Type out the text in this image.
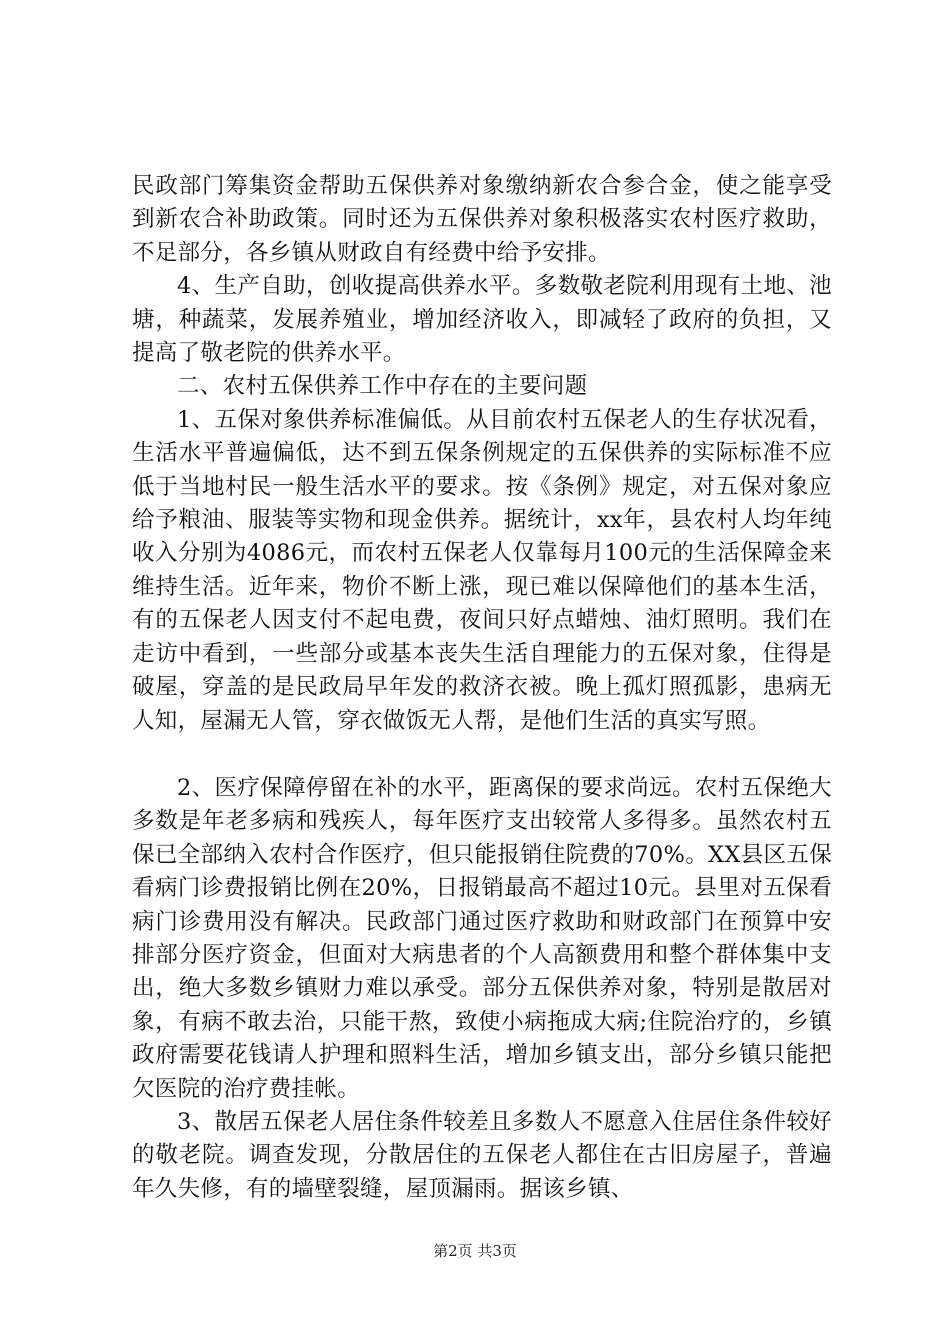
民政部门筹集资金帮助五保供养对象缴纳新农合参合金，使之能享受到新农合补助政策。同时还为五保供养对象积极落实农村医疗救助，不足部分，各乡镇从财政自有经费中给予安排。

4、生产自助，创收提高供养水平。多数敬老院利用现有土地、池塘，种蔬菜，发展养殖业，增加经济收入，即减轻了政府的负担，又提高了敬老院的供养水平。

二、农村五保供养工作中存在的主要问题

1、五保对象供养标准偏低。从目前农村五保老人的生存状况看，生活水平普遍偏低，达不到五保条例规定的五保供养的实际标准不应低于当地村民一般生活水平的要求。按《条例》规定，对五保对象应给予粮油、服装等实物和现金供养。据统计，xx年，县农村人均年纯收入分别为4086元，而农村五保老人仅靠每月100元的生活保障金来维持生活。近年来，物价不断上涨，现已难以保障他们的基本生活，有的五保老人因支付不起电费，夜间只好点蜡烛、油灯照明。我们在走访中看到，一些部分或基本丧失生活自理能力的五保对象，住得是破屋，穿盖的是民政局早年发的救济衣被。晚上孤灯照孤影，患病无人知，屋漏无人管，穿衣做饭无人帮，是他们生活的真实写照。

2、医疗保障停留在补的水平，距离保的要求尚远。农村五保绝大多数是年老多病和残疾人，每年医疗支出较常人多得多。虽然农村五保已全部纳入农村合作医疗，但只能报销住院费的70%。XX县区五保看病门诊费报销比例在20%，日报销最高不超过10元。县里对五保看病门诊费用没有解决。民政部门通过医疗救助和财政部门在预算中安排部分医疗资金，但面对大病患者的个人高额费用和整个群体集中支出，绝大多数乡镇财力难以承受。部分五保供养对象，特别是散居对象，有病不敢去治，只能干熬，致使小病拖成大病;住院治疗的，乡镇政府需要花钱请人护理和照料生活，增加乡镇支出，部分乡镇只能把欠医院的治疗费挂帐。

3、散居五保老人居住条件较差且多数人不愿意入住居住条件较好的敬老院。调查发现，分散居住的五保老人都住在古旧房屋子，普遍年久失修，有的墙壁裂缝，屋顶漏雨。据该乡镇、

第2页 共3页
